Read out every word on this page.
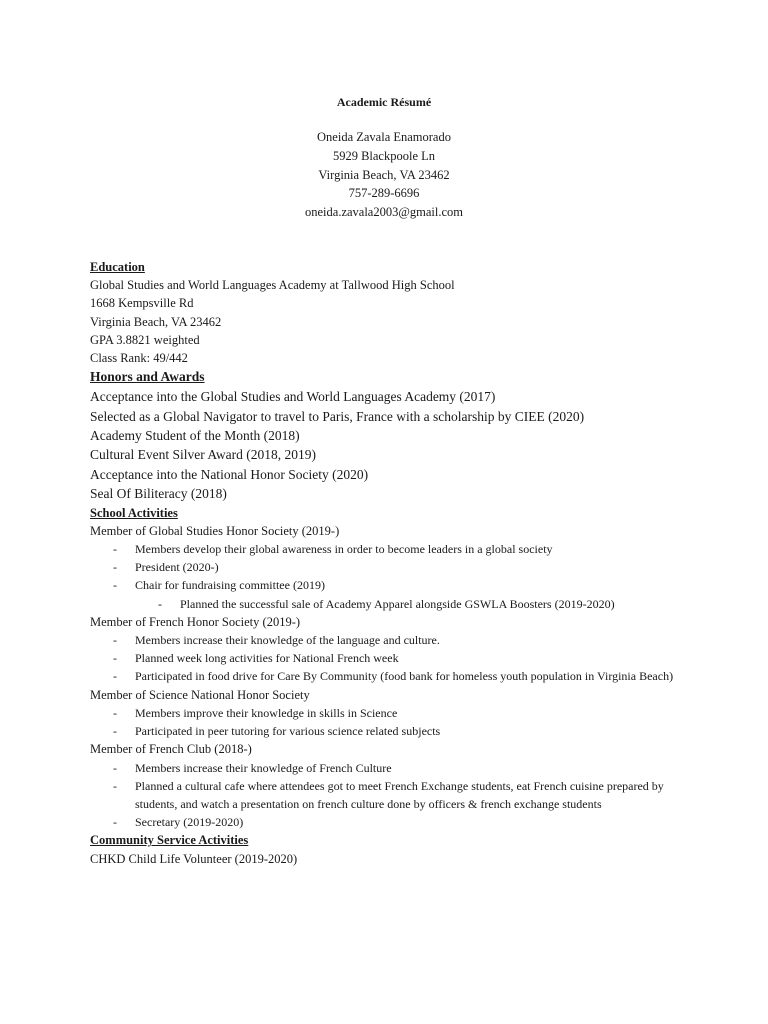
Academic Résumé
Oneida Zavala Enamorado
5929 Blackpoole Ln
Virginia Beach, VA 23462
757-289-6696
oneida.zavala2003@gmail.com
Education
Global Studies and World Languages Academy at Tallwood High School
1668 Kempsville Rd
Virginia Beach, VA 23462
GPA 3.8821 weighted
Class Rank: 49/442
Honors and Awards
Acceptance into the Global Studies and World Languages Academy (2017)
Selected as a Global Navigator to travel to Paris, France with a scholarship by CIEE (2020)
Academy Student of the Month (2018)
Cultural Event Silver Award (2018, 2019)
Acceptance into the National Honor Society (2020)
Seal Of Biliteracy (2018)
School Activities
Member of Global Studies Honor Society (2019-)
- Members develop their global awareness in order to become leaders in a global society
- President (2020-)
- Chair for fundraising committee (2019)
- Planned the successful sale of Academy Apparel alongside GSWLA Boosters (2019-2020)
Member of French Honor Society (2019-)
- Members increase their knowledge of the language and culture.
- Planned week long activities for National French week
- Participated in food drive for Care By Community (food bank for homeless youth population in Virginia Beach)
Member of Science National Honor Society
- Members improve their knowledge in skills in Science
- Participated in peer tutoring for various science related subjects
Member of French Club (2018-)
- Members increase their knowledge of French Culture
- Planned a cultural cafe where attendees got to meet French Exchange students, eat French cuisine prepared by students, and watch a presentation on french culture done by officers & french exchange students
- Secretary (2019-2020)
Community Service Activities
CHKD Child Life Volunteer (2019-2020)
